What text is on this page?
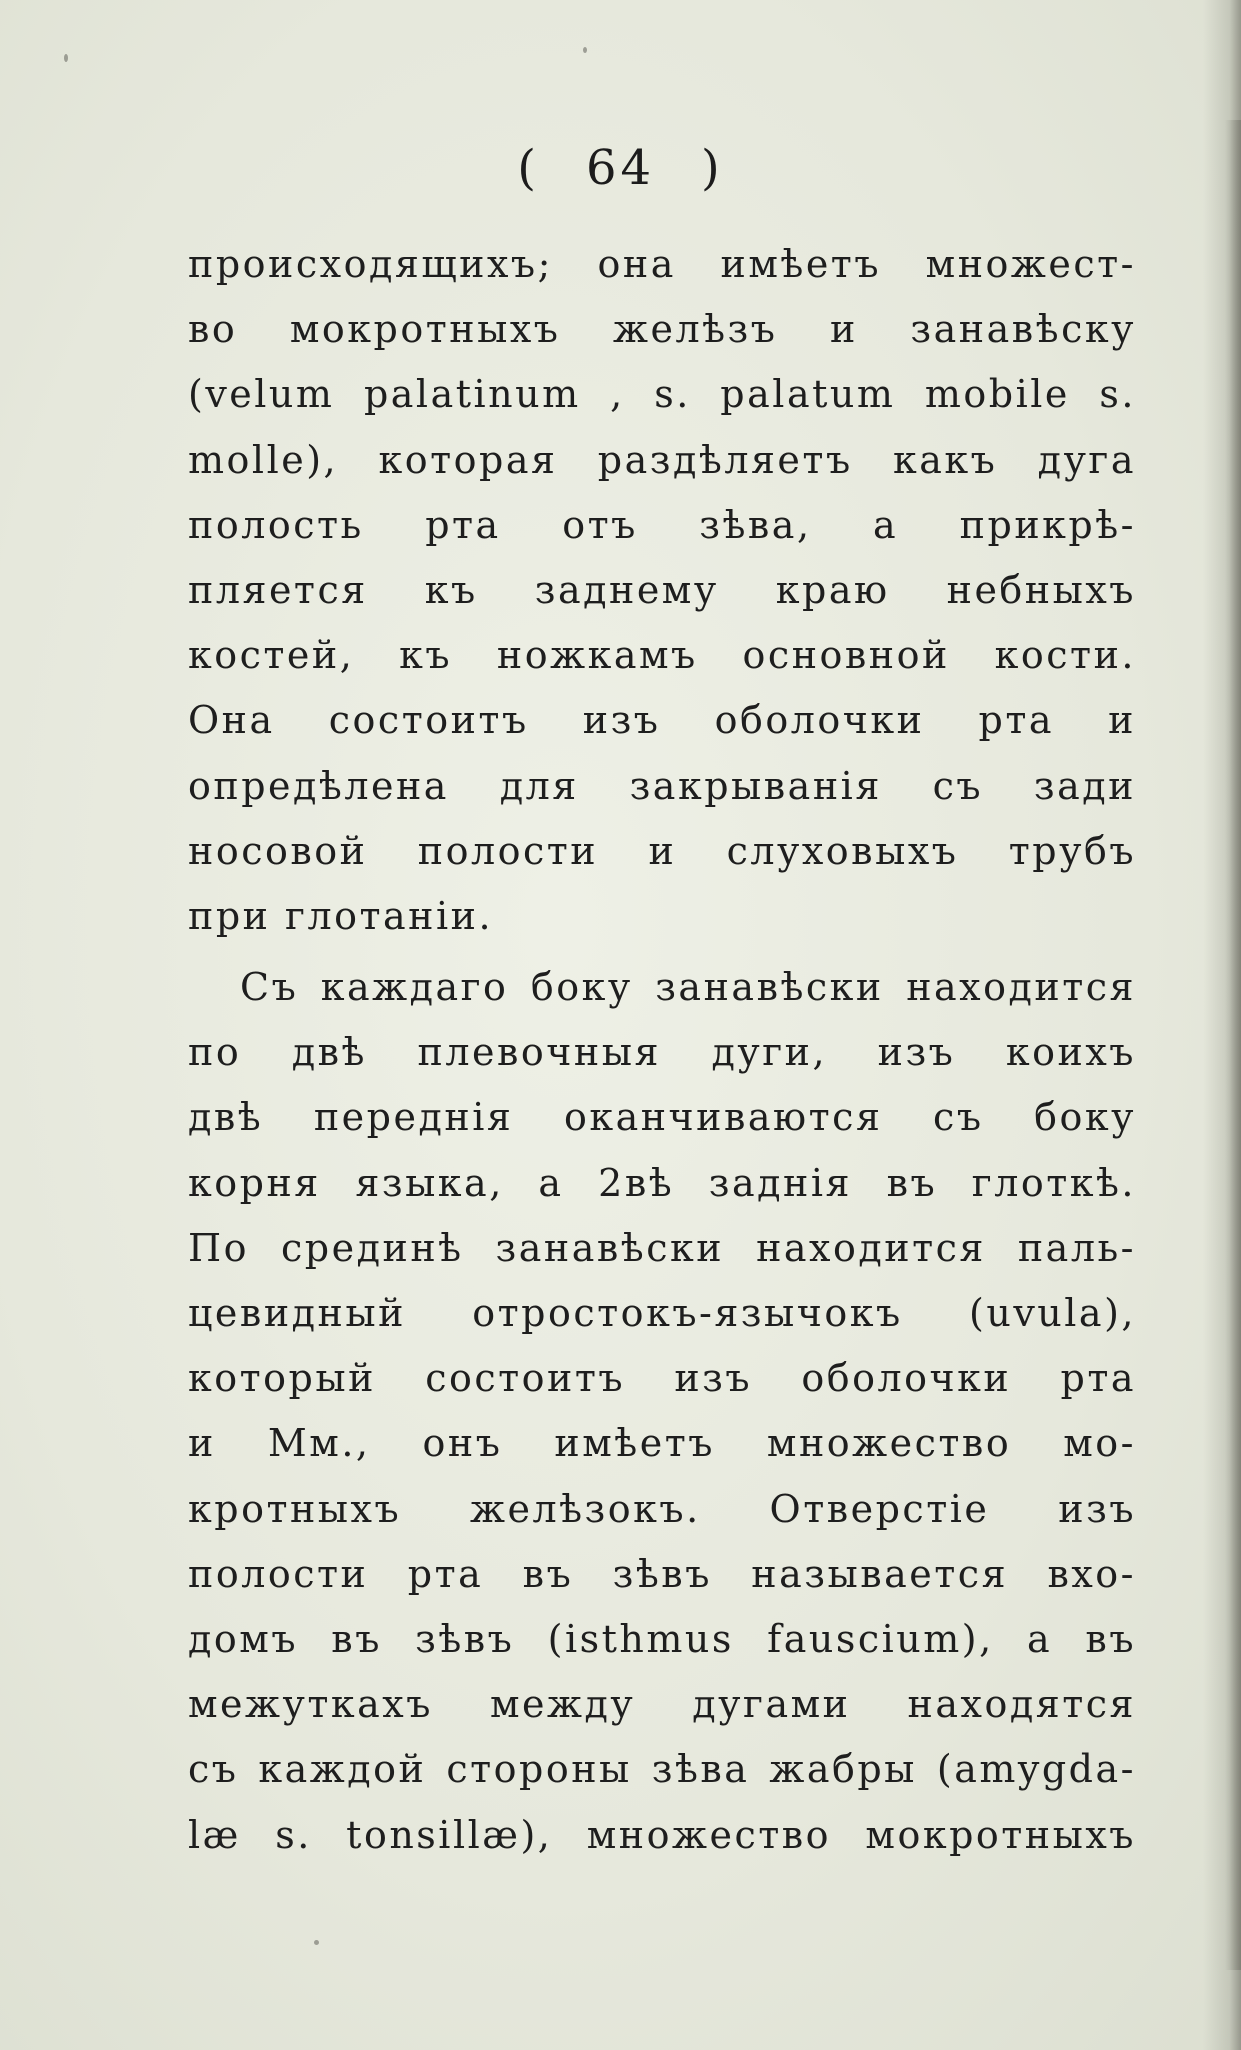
( 64 )
происходящихъ; она имѣетъ множест-
во мокротныхъ желѣзъ и занавѣску
(velum palatinum , s. palatum mobile s.
molle), которая раздѣляетъ какъ дуга
полость рта отъ зѣва, а прикрѣ-
пляется къ заднему краю небныхъ
костей, къ ножкамъ основной кости.
Она состоитъ изъ оболочки рта и
опредѣлена для закрыванія съ зади
носовой полости и слуховыхъ трубъ
при глотаніи.
Съ каждаго боку занавѣски находится
по двѣ плевочныя дуги, изъ коихъ
двѣ переднія оканчиваются съ боку
корня языка, а 2вѣ заднія въ глоткѣ.
По срединѣ занавѣски находится паль-
цевидный отростокъ-язычокъ (uvula),
который состоитъ изъ оболочки рта
и Мм., онъ имѣетъ множество мо-
кротныхъ желѣзокъ. Отверстіе изъ
полости рта въ зѣвъ называется вхо-
домъ въ зѣвъ (isthmus fauscium), а въ
межуткахъ между дугами находятся
съ каждой стороны зѣва жабры (amygda-
læ s. tonsillæ), множество мокротныхъ
